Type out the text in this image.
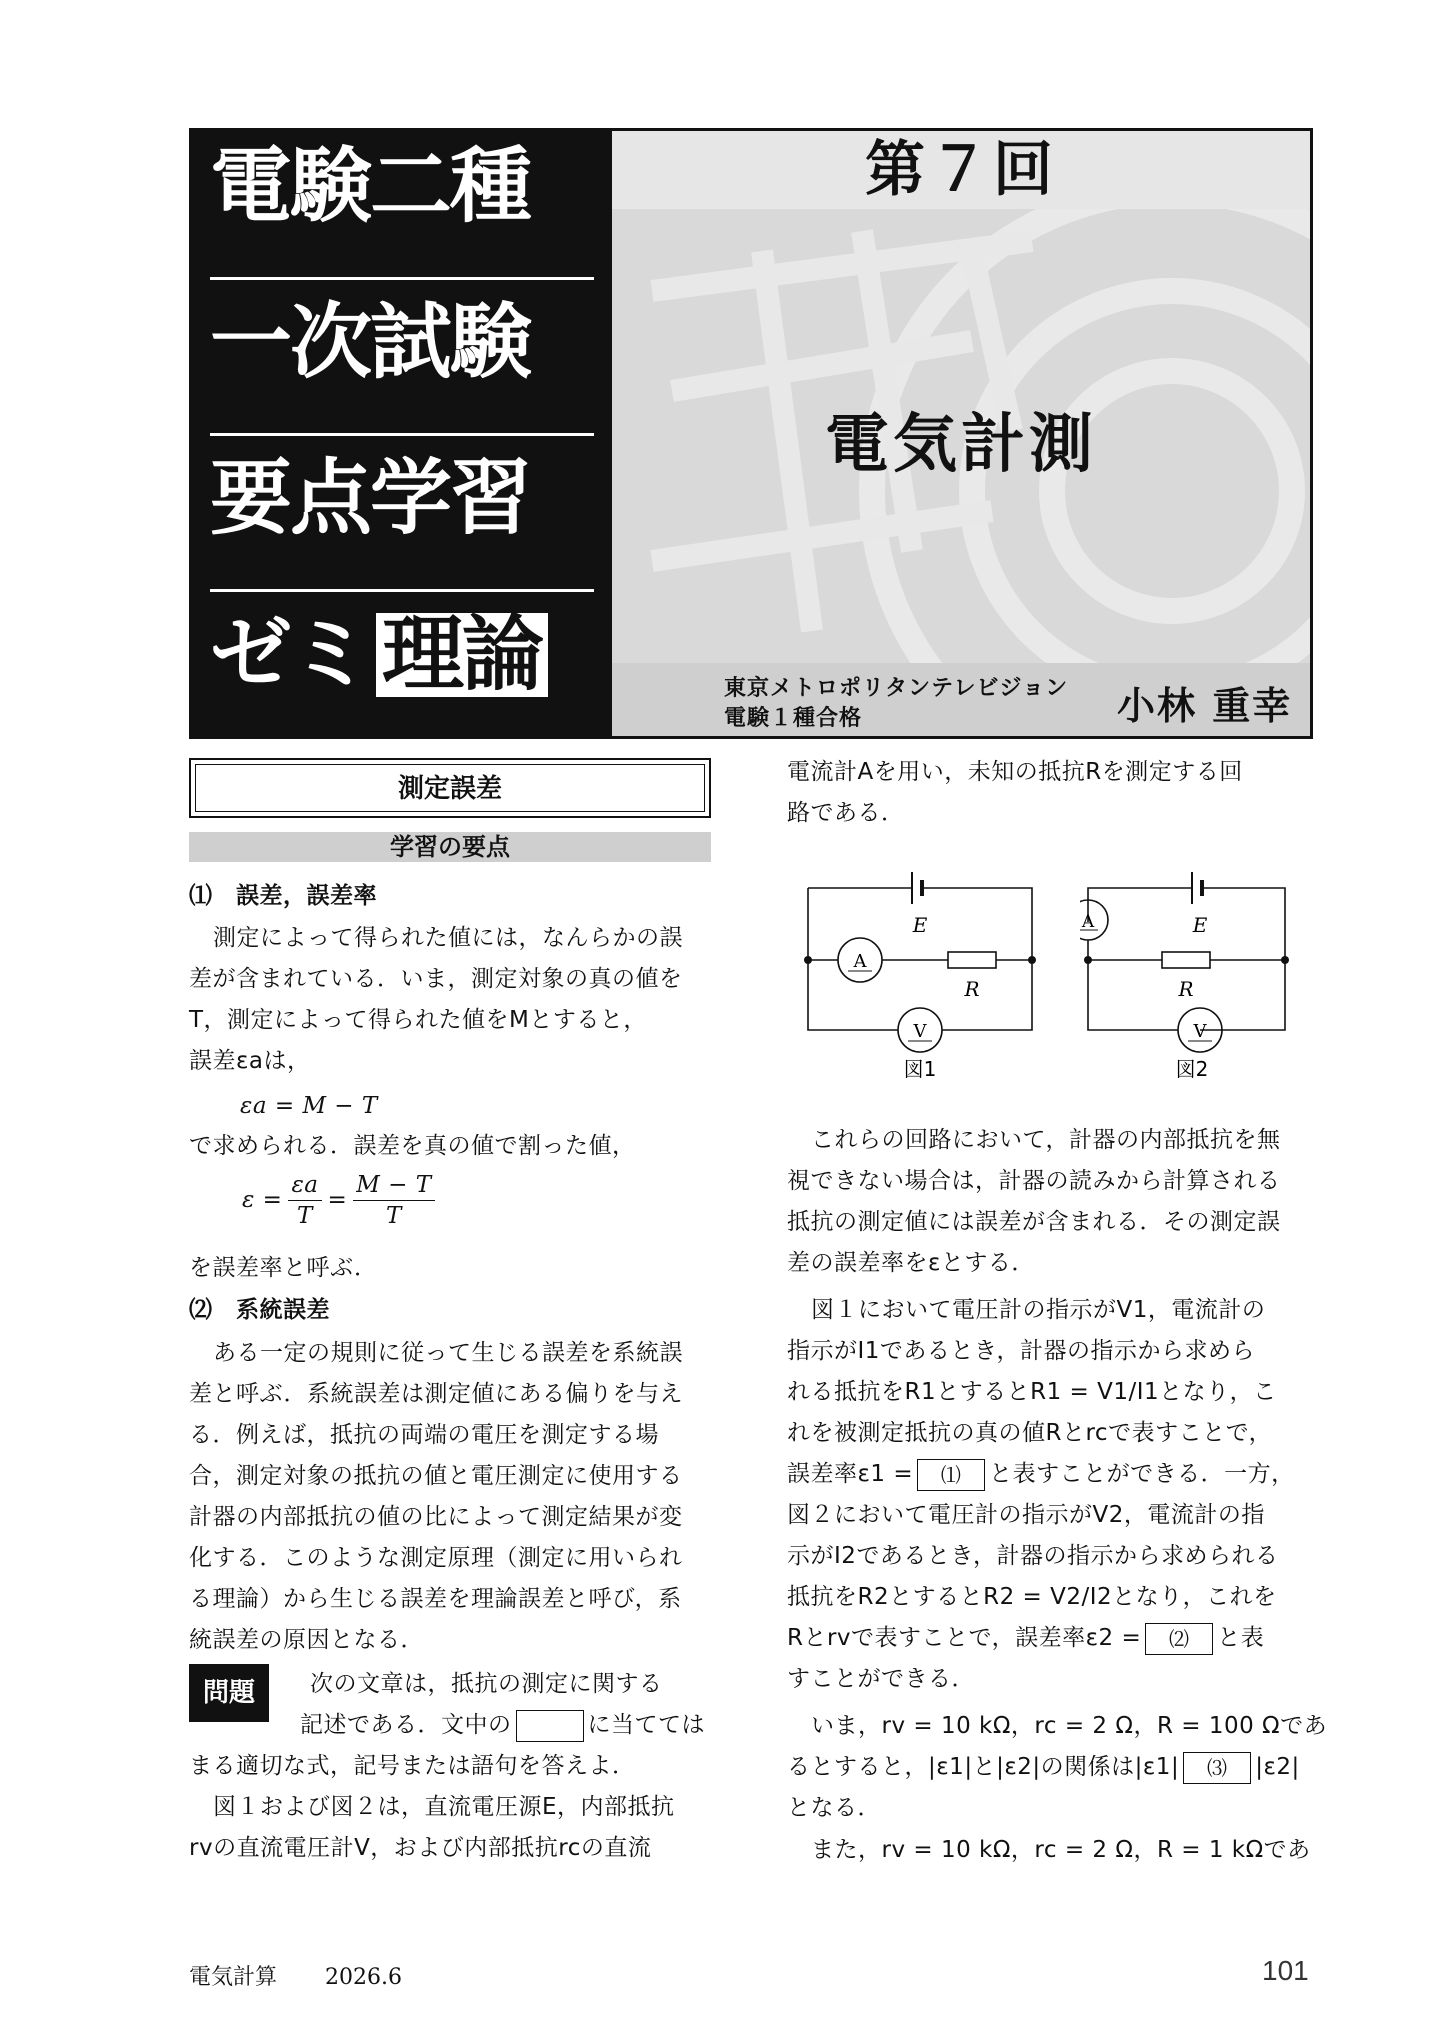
電験二種
一次試験
要点学習
ゼミ 理論
第７回
電気計測
東京メトロポリタンテレビジョン
電験１種合格	小林 重幸
測定誤差
学習の要点
⑴　誤差，誤差率
測定によって得られた値には，なんらかの誤
差が含まれている．いま，測定対象の真の値を
T，測定によって得られた値をMとすると，
誤差εaは，
εa = M − T
で求められる．誤差を真の値で割った値，
$\varepsilon = \frac{\varepsilon a}{T} = \frac{M - T}{T}$
を誤差率と呼ぶ．
⑵　系統誤差
ある一定の規則に従って生じる誤差を系統誤
差と呼ぶ．系統誤差は測定値にある偏りを与え
る．例えば，抵抗の両端の電圧を測定する場
合，測定対象の抵抗の値と電圧測定に使用する
計器の内部抵抗の値の比によって測定結果が変
化する．このような測定原理（測定に用いられ
る理論）から生じる誤差を理論誤差と呼び，系
統誤差の原因となる．
問題	次の文章は，抵抗の測定に関する
記述である．文中の	に当てては
まる適切な式，記号または語句を答えよ．
図１および図２は，直流電圧源E，内部抵抗
rvの直流電圧計V，および内部抵抗rcの直流
電流計Aを用い，未知の抵抗Rを測定する回
路である．
E
R
A
V
図1
E
R
A
V
図2
これらの回路において，計器の内部抵抗を無
視できない場合は，計器の読みから計算される
抵抗の測定値には誤差が含まれる．その測定誤
差の誤差率をεとする．
図１において電圧計の指示がV1，電流計の
指示がI1であるとき，計器の指示から求めら
れる抵抗をR1とするとR1 = V1/I1となり，こ
れを被測定抵抗の真の値Rとrcで表すことで，
誤差率ε1 = ⑴ と表すことができる．一方，
図２において電圧計の指示がV2，電流計の指
示がI2であるとき，計器の指示から求められる
抵抗をR2とするとR2 = V2/I2となり，これを
Rとrvで表すことで，誤差率ε2 = ⑵ と表
すことができる．
いま，rv = 10 kΩ，rc = 2 Ω，R = 100 Ωであ
るとすると，|ε1|と|ε2|の関係は|ε1| ⑶ |ε2|
となる．
また，rv = 10 kΩ，rc = 2 Ω，R = 1 kΩであ
電気計算 2026.6	101
